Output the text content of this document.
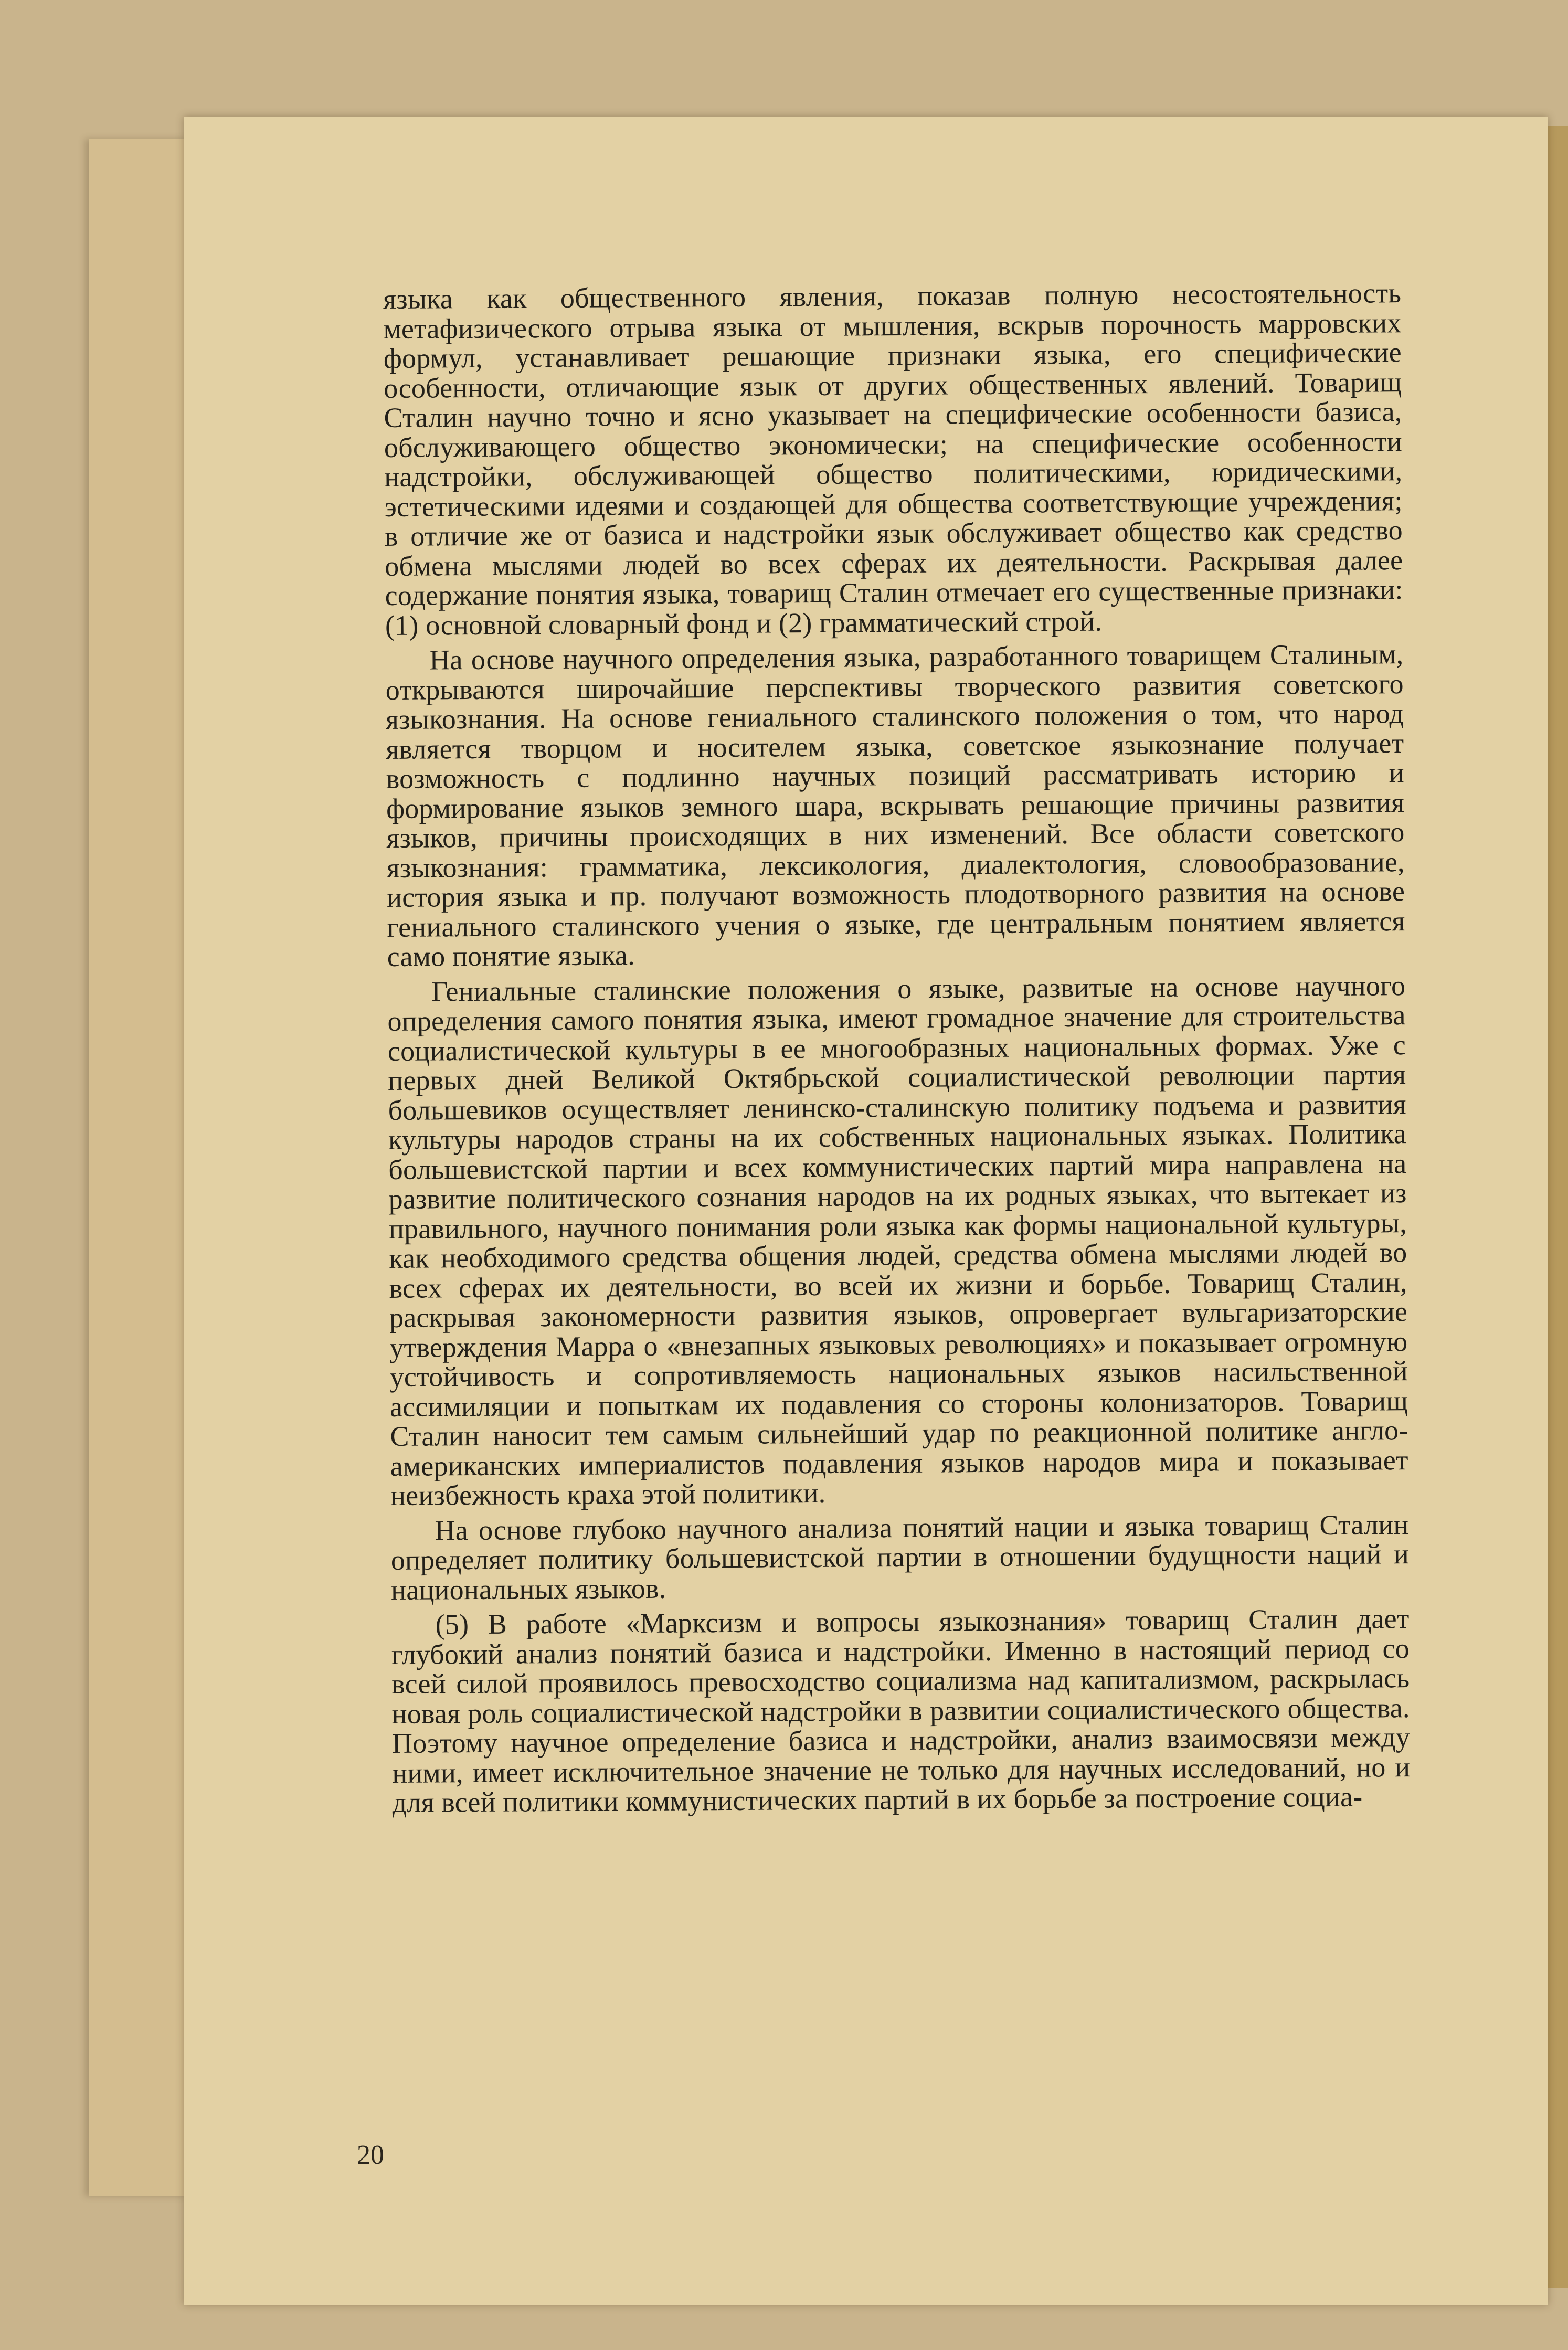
языка как общественного явления, показав полную несостоятельность метафизического отрыва языка от мышления, вскрыв порочность марровских формул, устанавливает решающие признаки языка, его специфические особенности, отличающие язык от других общественных явлений. Товарищ Сталин научно точно и ясно указывает на специфические особенности базиса, обслуживающего общество экономически; на специфические особенности надстройки, обслуживающей общество политическими, юридическими, эстетическими идеями и создающей для общества соответствующие учреждения; в отличие же от базиса и надстройки язык обслуживает общество как средство обмена мыслями людей во всех сферах их деятельности. Раскрывая далее содержание понятия языка, товарищ Сталин отмечает его существенные признаки: (1) основной словарный фонд и (2) грамматический строй.

На основе научного определения языка, разработанного товарищем Сталиным, открываются широчайшие перспективы творческого развития советского языкознания. На основе гениального сталинского положения о том, что народ является творцом и носителем языка, советское языкознание получает возможность с подлинно научных позиций рассматривать историю и формирование языков земного шара, вскрывать решающие причины развития языков, причины происходящих в них изменений. Все области советского языкознания: грамматика, лексикология, диалектология, словообразование, история языка и пр. получают возможность плодотворного развития на основе гениального сталинского учения о языке, где центральным понятием является само понятие языка.

Гениальные сталинские положения о языке, развитые на основе научного определения самого понятия языка, имеют громадное значение для строительства социалистической культуры в ее многообразных национальных формах. Уже с первых дней Великой Октябрьской социалистической революции партия большевиков осуществляет ленинско-сталинскую политику подъема и развития культуры народов страны на их собственных национальных языках. Политика большевистской партии и всех коммунистических партий мира направлена на развитие политического сознания народов на их родных языках, что вытекает из правильного, научного понимания роли языка как формы национальной культуры, как необходимого средства общения людей, средства обмена мыслями людей во всех сферах их деятельности, во всей их жизни и борьбе. Товарищ Сталин, раскрывая закономерности развития языков, опровергает вульгаризаторские утверждения Марра о «внезапных языковых революциях» и показывает огромную устойчивость и сопротивляемость национальных языков насильственной ассимиляции и попыткам их подавления со стороны колонизаторов. Товарищ Сталин наносит тем самым сильнейший удар по реакционной политике англо-американских империалистов подавления языков народов мира и показывает неизбежность краха этой политики.

На основе глубоко научного анализа понятий нации и языка товарищ Сталин определяет политику большевистской партии в отношении будущности наций и национальных языков.

(5) В работе «Марксизм и вопросы языкознания» товарищ Сталин дает глубокий анализ понятий базиса и надстройки. Именно в настоящий период со всей силой проявилось превосходство социализма над капитализмом, раскрылась новая роль социалистической надстройки в развитии социалистического общества. Поэтому научное определение базиса и надстройки, анализ взаимосвязи между ними, имеет исключительное значение не только для научных исследований, но и для всей политики коммунистических партий в их борьбе за построение социа-

20
